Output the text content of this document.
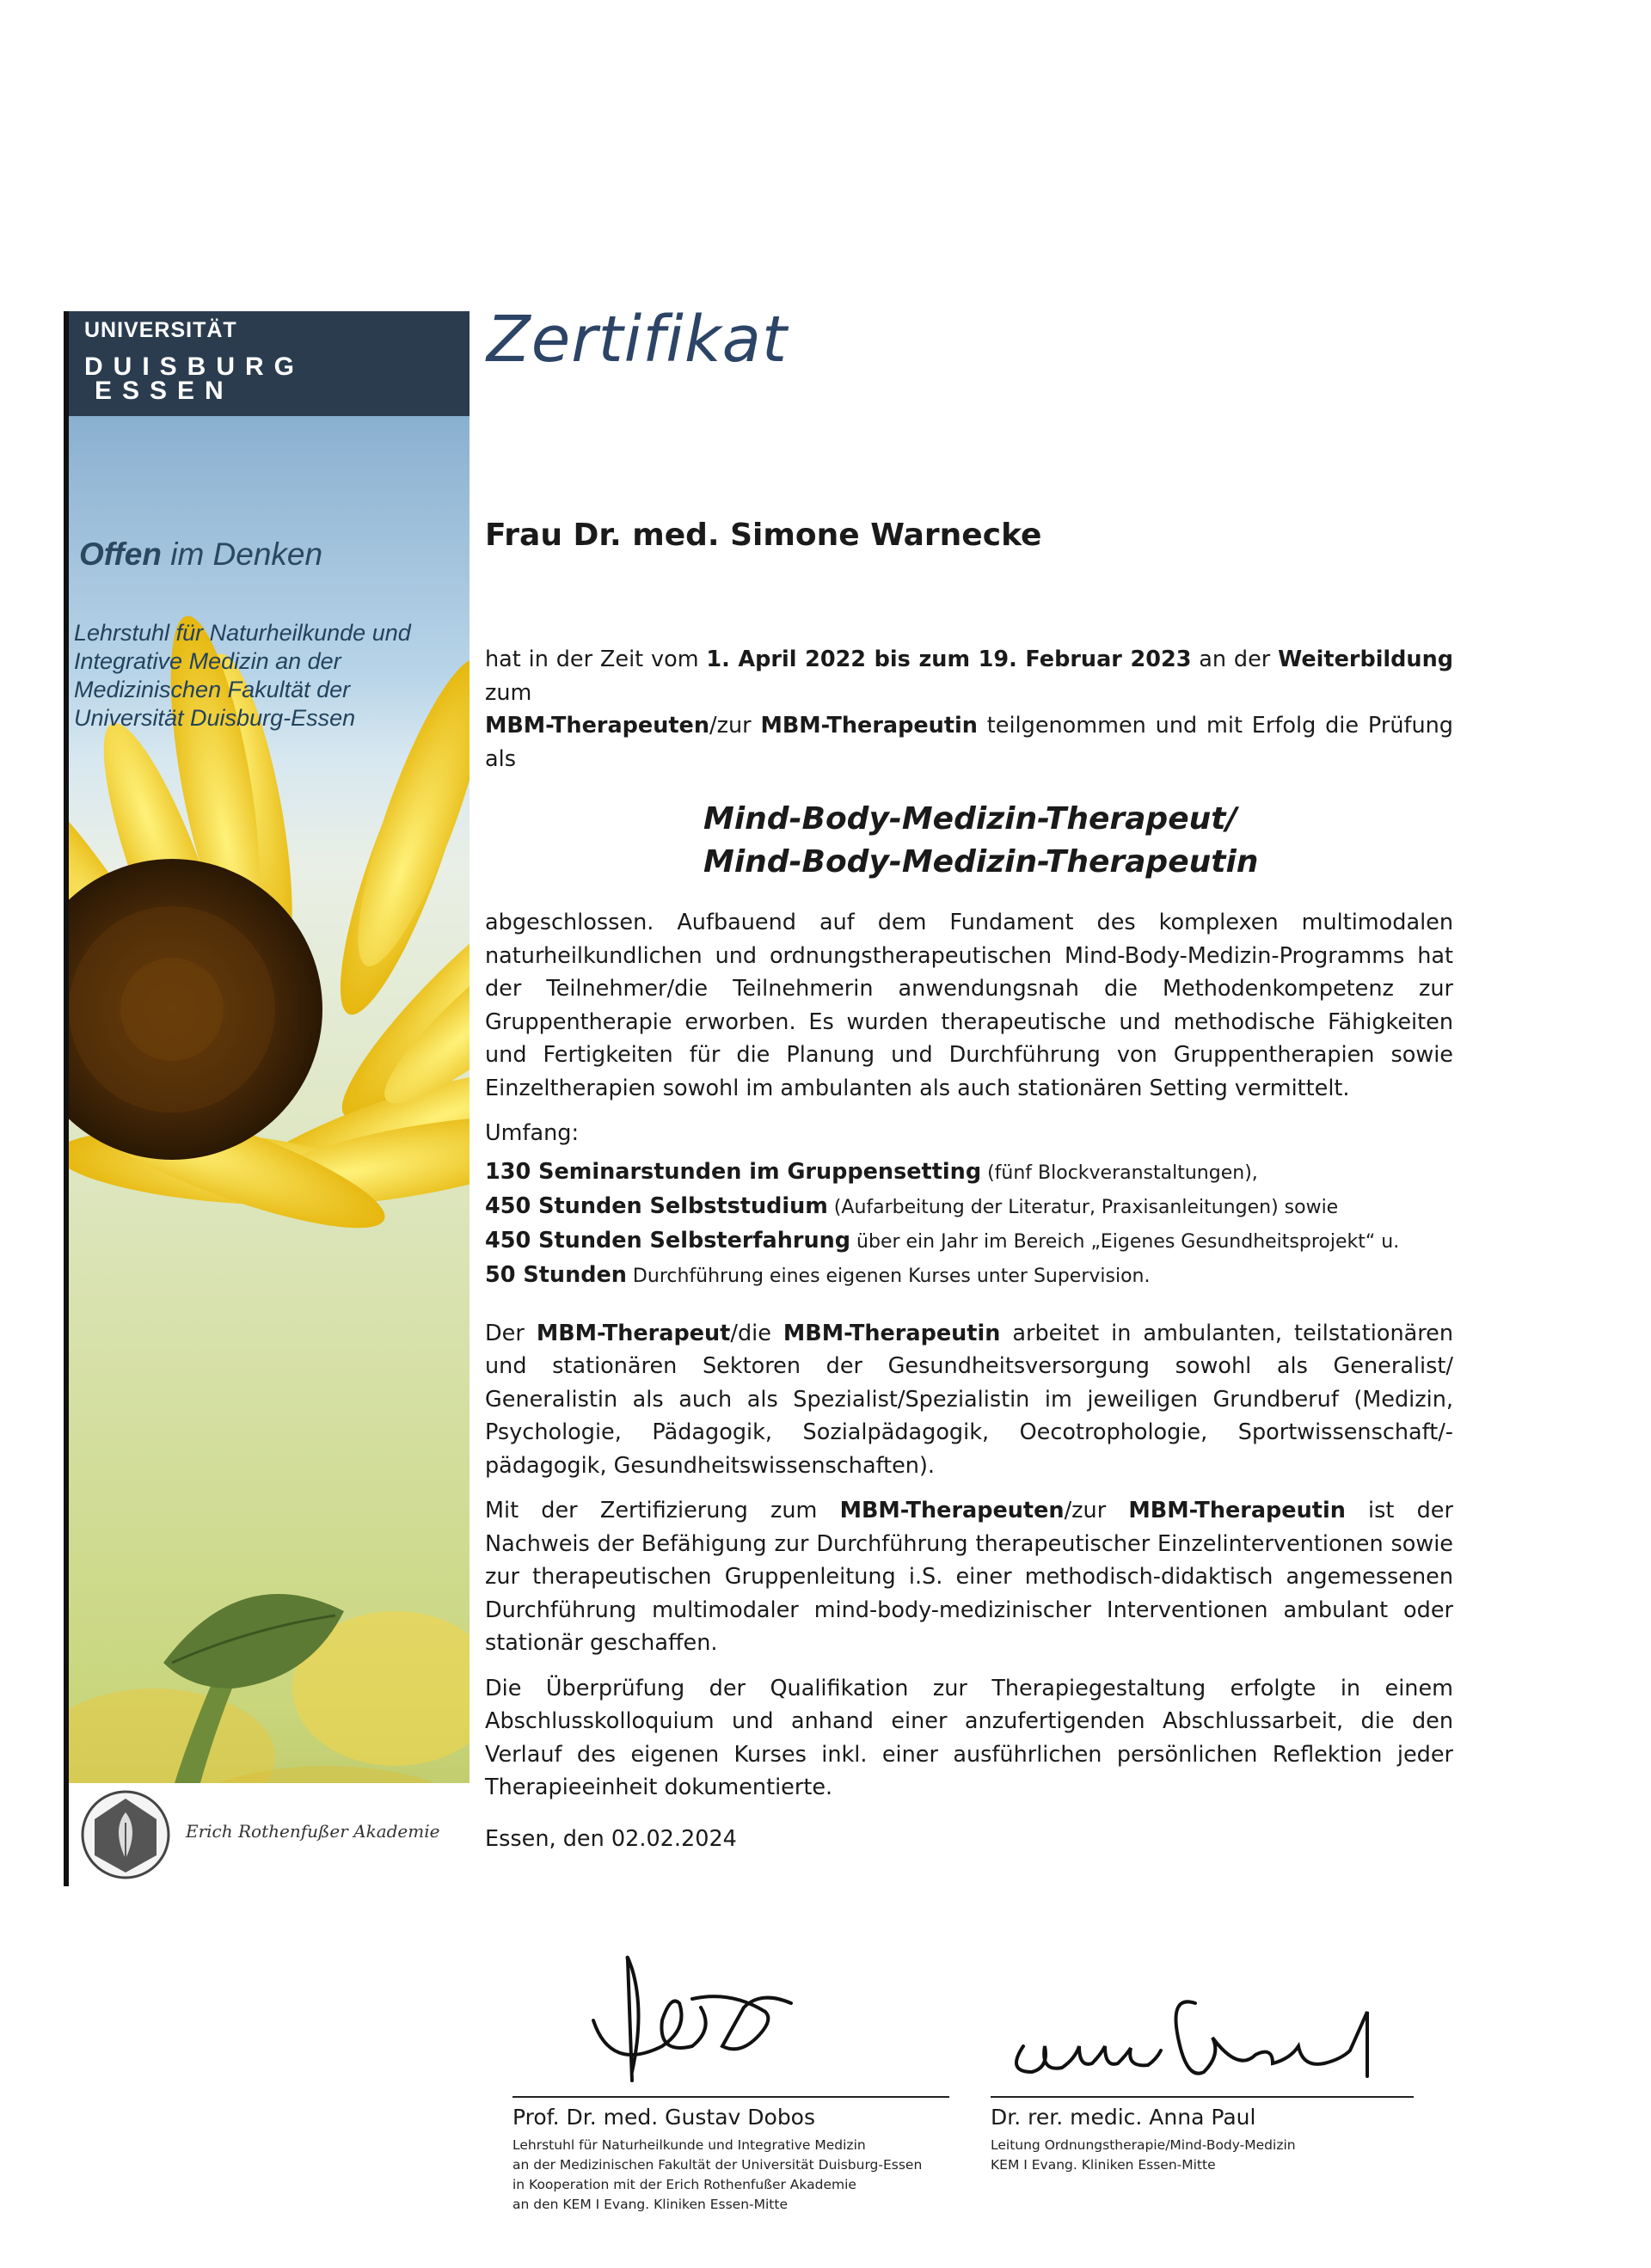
UNIVERSITÄT
DUISBURG
ESSEN
Offen im Denken
Lehrstuhl für Naturheilkunde und
Integrative Medizin an der
Medizinischen Fakultät der
Universität Duisburg-Essen
Erich Rothenfußer Akademie
Zertifikat
Frau Dr. med. Simone Warnecke

hat in der Zeit vom 1. April 2022 bis zum 19. Februar 2023 an der Weiterbildung zum
MBM-Therapeuten/zur MBM-Therapeutin teilgenommen und mit Erfolg die Prüfung als

Mind-Body-Medizin-Therapeut/
Mind-Body-Medizin-Therapeutin

abgeschlossen. Aufbauend auf dem Fundament des komplexen multimodalen naturheilkundlichen und ordnungstherapeutischen Mind-Body-Medizin-Programms hat der Teilnehmer/die Teilnehmerin anwendungsnah die Methodenkompetenz zur Gruppentherapie erworben. Es wurden therapeutische und methodische Fähigkeiten und Fertigkeiten für die Planung und Durchführung von Gruppentherapien sowie Einzeltherapien sowohl im ambulanten als auch stationären Setting vermittelt.

Umfang:

130 Seminarstunden im Gruppensetting (fünf Blockveranstaltungen),
450 Stunden Selbststudium (Aufarbeitung der Literatur, Praxisanleitungen) sowie
450 Stunden Selbsterfahrung über ein Jahr im Bereich „Eigenes Gesundheitsprojekt“ u.
50 Stunden Durchführung eines eigenen Kurses unter Supervision.

Der MBM-Therapeut/die MBM-Therapeutin arbeitet in ambulanten, teilstationären und stationären Sektoren der Gesundheitsversorgung sowohl als Generalist/ Generalistin als auch als Spezialist/Spezialistin im jeweiligen Grundberuf (Medizin, Psychologie, Pädagogik, Sozialpädagogik, Oecotrophologie, Sportwissenschaft/-pädagogik, Gesundheitswissenschaften).

Mit der Zertifizierung zum MBM-Therapeuten/zur MBM-Therapeutin ist der Nachweis der Befähigung zur Durchführung therapeutischer Einzelinterventionen sowie zur therapeutischen Gruppenleitung i.S. einer methodisch-didaktisch angemessenen Durchführung multimodaler mind-body-medizinischer Interventionen ambulant oder stationär geschaffen.

Die Überprüfung der Qualifikation zur Therapiegestaltung erfolgte in einem Abschlusskolloquium und anhand einer anzufertigenden Abschlussarbeit, die den Verlauf des eigenen Kurses inkl. einer ausführlichen persönlichen Reflektion jeder Therapieeinheit dokumentierte.

Essen, den 02.02.2024
Prof. Dr. med. Gustav Dobos
Lehrstuhl für Naturheilkunde und Integrative Medizin
an der Medizinischen Fakultät der Universität Duisburg-Essen
in Kooperation mit der Erich Rothenfußer Akademie
an den KEM I Evang. Kliniken Essen-Mitte
Dr. rer. medic. Anna Paul
Leitung Ordnungstherapie/Mind-Body-Medizin
KEM I Evang. Kliniken Essen-Mitte
